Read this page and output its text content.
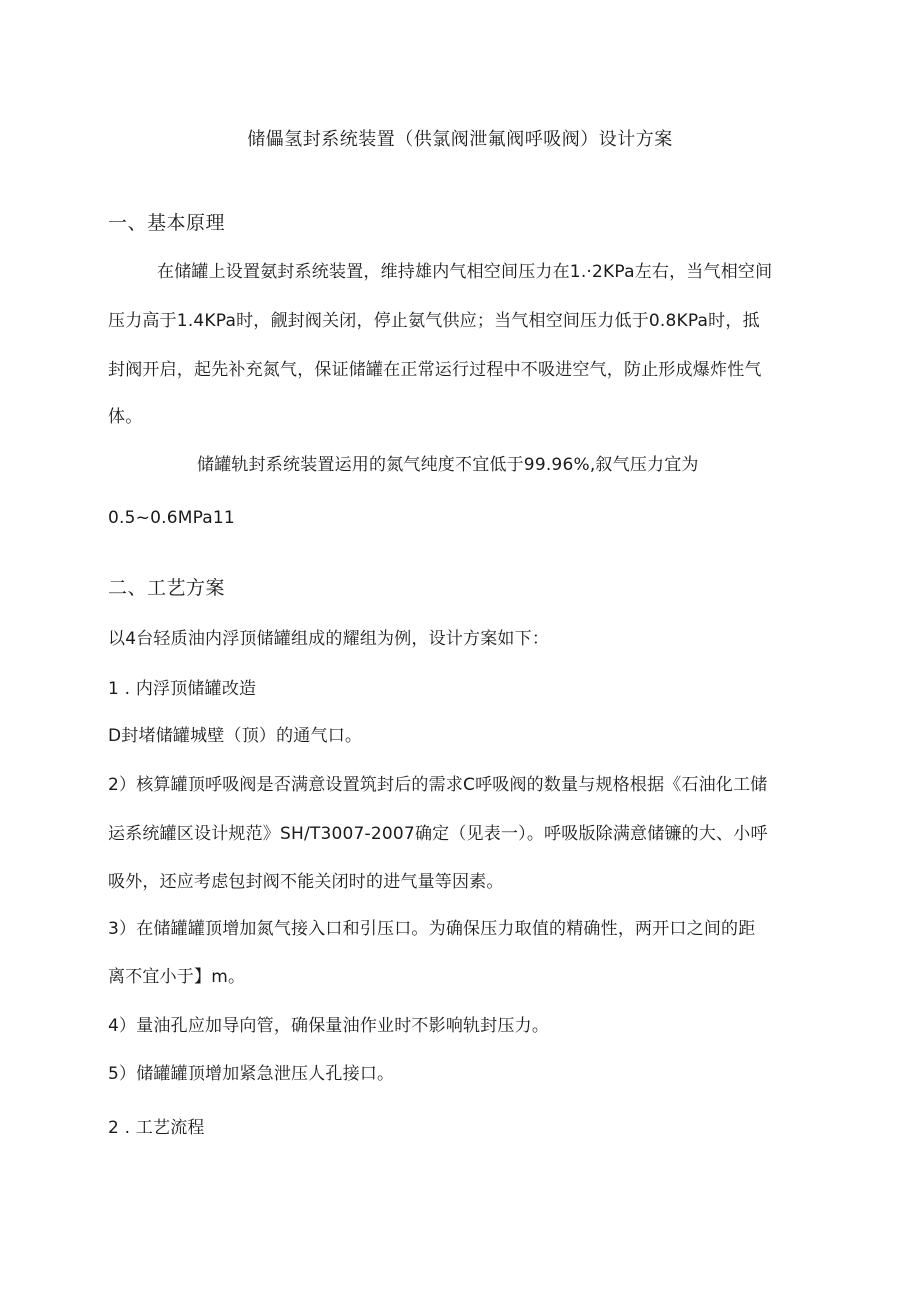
储儡氢封系统装置（供氯阀泄氟阀呼吸阀）设计方案
一、基本原理
在储罐上设置氨封系统装置，维持雄内气相空间压力在1.·2KPa左右，当气相空间
压力高于1.4KPa时，觎封阀关闭，停止氨气供应；当气相空间压力低于0.8KPa时，抵
封阀开启，起先补充氮气，保证储罐在正常运行过程中不吸进空气，防止形成爆炸性气
体。
储罐轨封系统装置运用的氮气纯度不宜低于99.96%,叙气压力宜为
0.5~0.6MPa11
二、工艺方案
以4台轻质油内浮顶储罐组成的耀组为例，设计方案如下：
1 . 内浮顶储罐改造
D封堵储罐城壁（顶）的通气口。
2）核算罐顶呼吸阀是否满意设置筑封后的需求C呼吸阀的数量与规格根据《石油化工储
运系统罐区设计规范》SH/T3007-2007确定（见表一）。呼吸版除满意储镰的大、小呼
吸外，还应考虑包封阀不能关闭时的进气量等因素。
3）在储罐罐顶增加氮气接入口和引压口。为确保压力取值的精确性，两开口之间的距
离不宜小于】m。
4）量油孔应加导向管，确保量油作业时不影响轨封压力。
5）储罐罐顶增加紧急泄压人孔接口。
2 . 工艺流程
